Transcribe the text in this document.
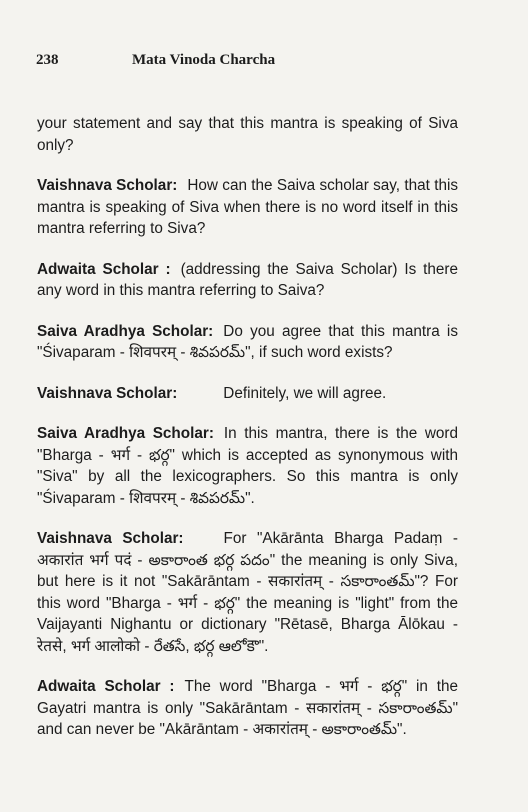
238	Mata Vinoda Charcha

your statement and say that this mantra is speaking of Siva only?

Vaishnava Scholar: How can the Saiva scholar say, that this mantra is speaking of Siva when there is no word itself in this mantra referring to Siva?

Adwaita Scholar : (addressing the Saiva Scholar) Is there any word in this mantra referring to Saiva?

Saiva Aradhya Scholar: Do you agree that this mantra is "Śivaparam - शिवपरम् - శివపరమ్", if such word exists?

Vaishnava Scholar:	Definitely, we will agree.

Saiva Aradhya Scholar: In this mantra, there is the word "Bharga - भर्ग - భర్గ" which is accepted as synonymous with "Siva" by all the lexicographers. So this mantra is only "Śivaparam - शिवपरम् - శివపరమ్".

Vaishnava Scholar:	For "Akārānta Bharga Padaṃ - अकारांत भर्ग पदं - అకారాంత భర్గ పదం" the meaning is only Siva, but here is it not "Sakārāntam - सकारांतम् - సకారాంతమ్"? For this word "Bharga - भर्ग - భర్గ" the meaning is "light" from the Vaijayanti Nighantu or dictionary "Rētasē, Bharga Ālōkau - रेतसे, भर्ग आलोको - రేతసే, భర్గ ఆలోకౌ".

Adwaita Scholar : The word "Bharga - भर्ग - భర్గ" in the Gayatri mantra is only "Sakārāntam - सकारांतम् - సకారాంతమ్" and can never be "Akārāntam - अकारांतम् - అకారాంతమ్".
